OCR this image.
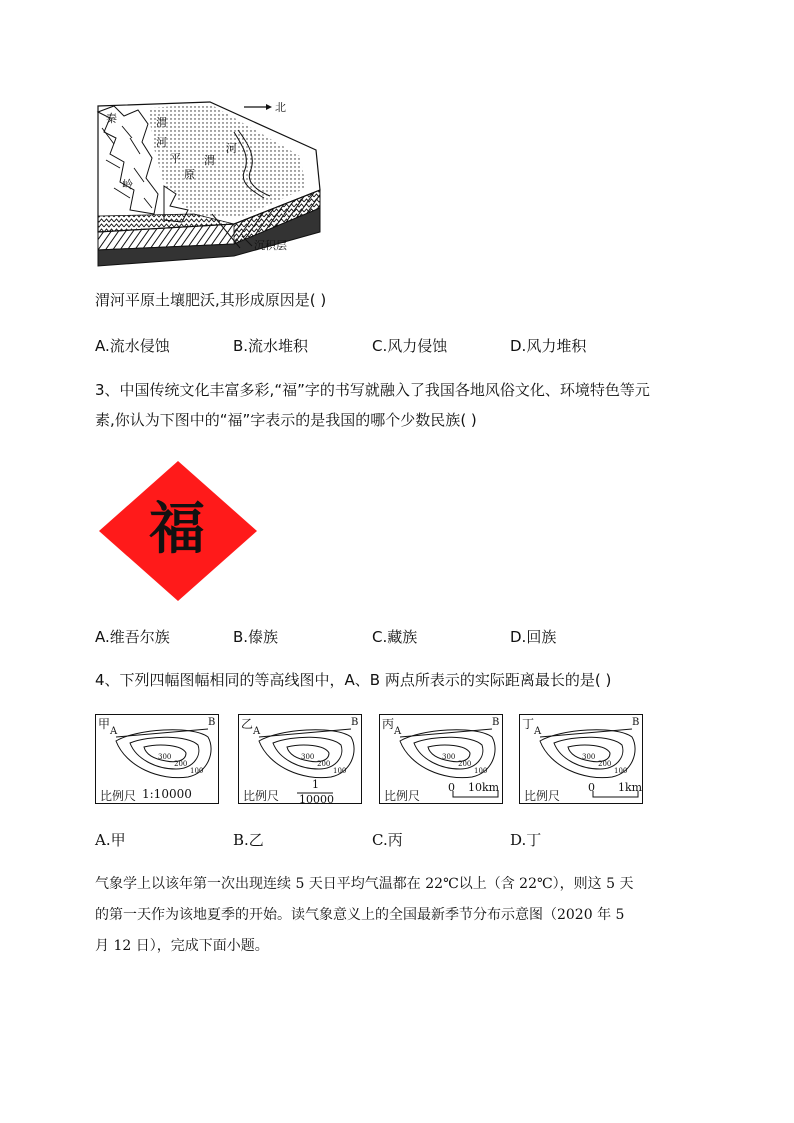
北
秦	渭
河
平
原
岭
渭
河
沉积层
渭河平原土壤肥沃,其形成原因是( )
A.流水侵蚀	B.流水堆积	C.风力侵蚀	D.风力堆积
3、中国传统文化丰富多彩,“福”字的书写就融入了我国各地风俗文化、环境特色等元
素,你认为下图中的“福”字表示的是我国的哪个少数民族( )
福
A.维吾尔族	B.傣族	C.藏族	D.回族
4、下列四幅图幅相同的等高线图中，A、B 两点所表示的实际距离最长的是( )
甲
A
B
300
200
100
比例尺 1:10000
乙
A
B
300
200
100
比例尺
1
10000
丙
A
B
300
200
100
比例尺
0 10km
丁
A
B
300
200
100
比例尺
0 1km
A.甲	B.乙	C.丙	D.丁
气象学上以该年第一次出现连续 5 天日平均气温都在 22℃以上（含 22℃），则这 5 天
的第一天作为该地夏季的开始。读气象意义上的全国最新季节分布示意图（2020 年 5
月 12 日），完成下面小题。
